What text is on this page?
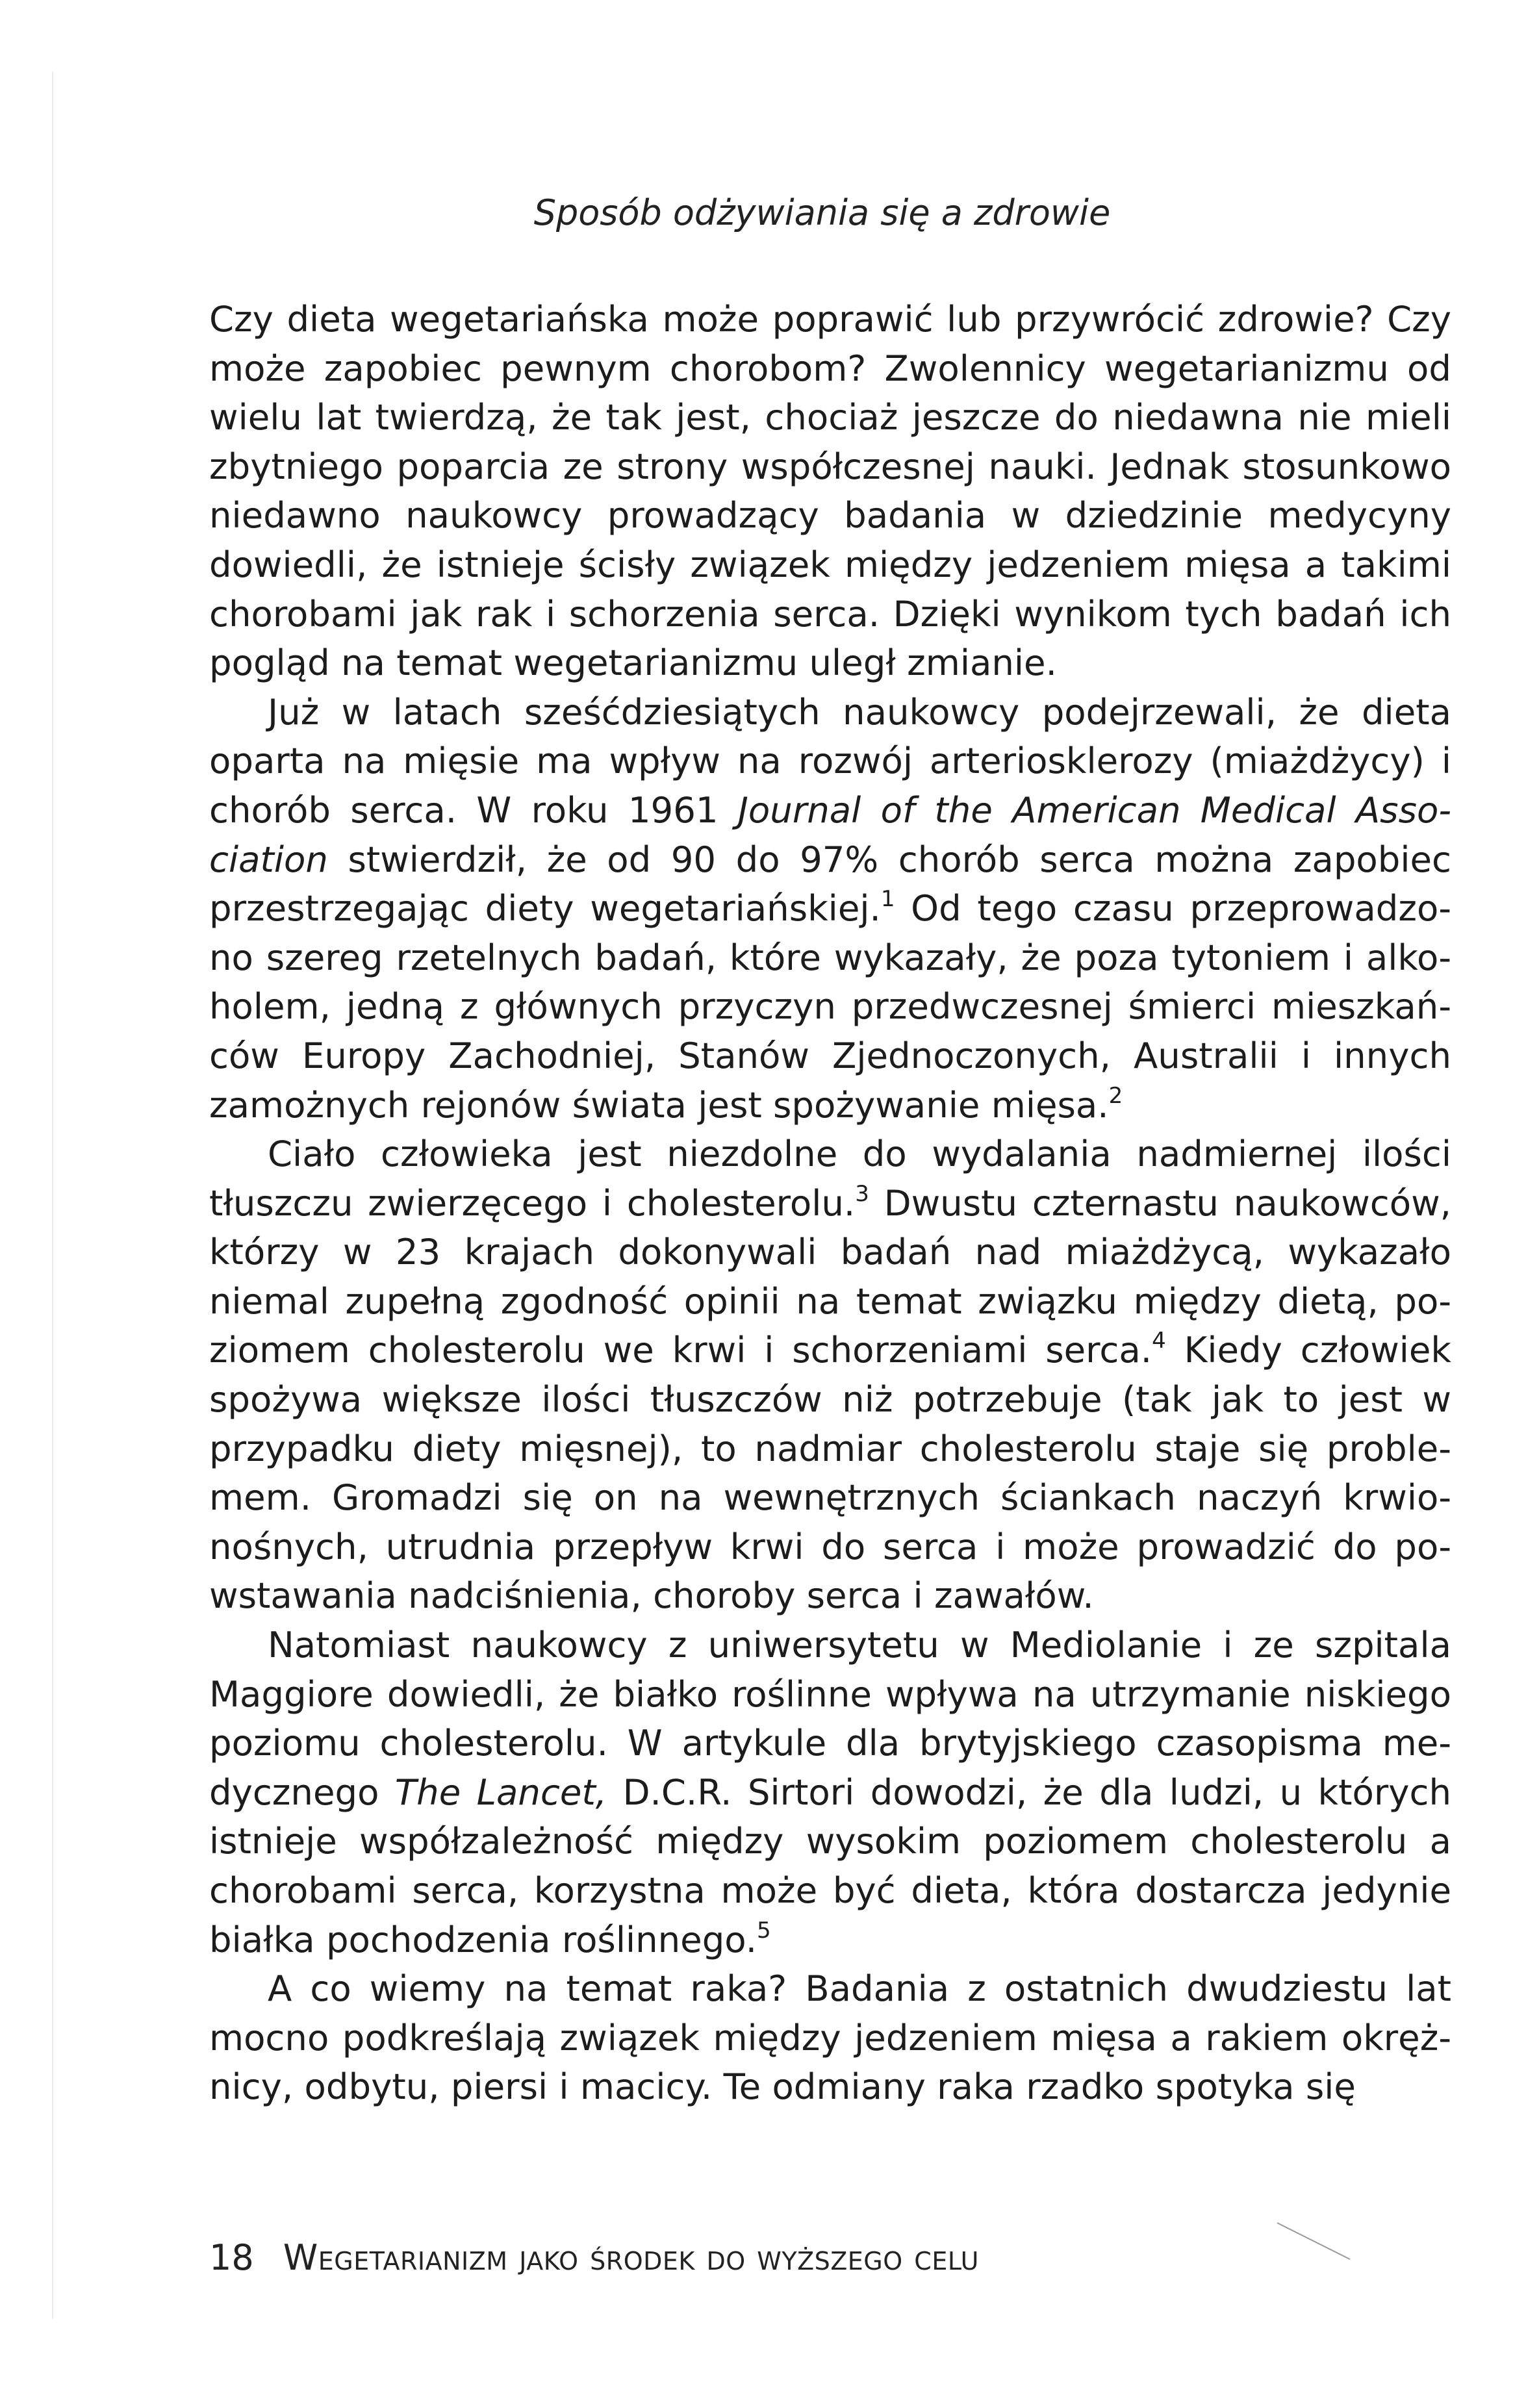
Sposób odżywiania się a zdrowie

Czy dieta wegetariańska może poprawić lub przywrócić zdrowie? Czy może zapobiec pewnym chorobom? Zwolennicy wegetarianizmu od wielu lat twierdzą, że tak jest, chociaż jeszcze do niedawna nie mieli zbytniego poparcia ze strony współczesnej nauki. Jednak stosunkowo niedawno naukowcy prowadzący badania w dziedzinie medycyny dowiedli, że istnieje ścisły związek między jedzeniem mięsa a takimi chorobami jak rak i schorzenia serca. Dzięki wynikom tych badań ich pogląd na temat wegetarianizmu uległ zmianie.

Już w latach sześćdziesiątych naukowcy podejrzewali, że dieta oparta na mięsie ma wpływ na rozwój arteriosklerozy (miażdżycy) i chorób serca. W roku 1961 Journal of the American Medical Association stwierdził, że od 90 do 97% chorób serca można zapobiec przestrzegając diety wegetariańskiej.$^1$ Od tego czasu przeprowadzono szereg rzetelnych badań, które wykazały, że poza tytoniem i alkoholem, jedną z głównych przyczyn przedwczesnej śmierci mieszkańców Europy Zachodniej, Stanów Zjednoczonych, Australii i innych zamożnych rejonów świata jest spożywanie mięsa.$^2$

Ciało człowieka jest niezdolne do wydalania nadmiernej ilości tłuszczu zwierzęcego i cholesterolu.$^3$ Dwustu czternastu naukowców, którzy w 23 krajach dokonywali badań nad miażdżycą, wykazało niemal zupełną zgodność opinii na temat związku między dietą, poziomem cholesterolu we krwi i schorzeniami serca.$^4$ Kiedy człowiek spożywa większe ilości tłuszczów niż potrzebuje (tak jak to jest w przypadku diety mięsnej), to nadmiar cholesterolu staje się problemem. Gromadzi się on na wewnętrznych ściankach naczyń krwionośnych, utrudnia przepływ krwi do serca i może prowadzić do powstawania nadciśnienia, choroby serca i zawałów.

Natomiast naukowcy z uniwersytetu w Mediolanie i ze szpitala Maggiore dowiedli, że białko roślinne wpływa na utrzymanie niskiego poziomu cholesterolu. W artykule dla brytyjskiego czasopisma medycznego The Lancet, D.C.R. Sirtori dowodzi, że dla ludzi, u których istnieje współzależność między wysokim poziomem cholesterolu a chorobami serca, korzystna może być dieta, która dostarcza jedynie białka pochodzenia roślinnego.$^5$

A co wiemy na temat raka? Badania z ostatnich dwudziestu lat mocno podkreślają związek między jedzeniem mięsa a rakiem okrężnicy, odbytu, piersi i macicy. Te odmiany raka rzadko spotyka się

18 Wegetarianizm jako środek do wyższego celu
